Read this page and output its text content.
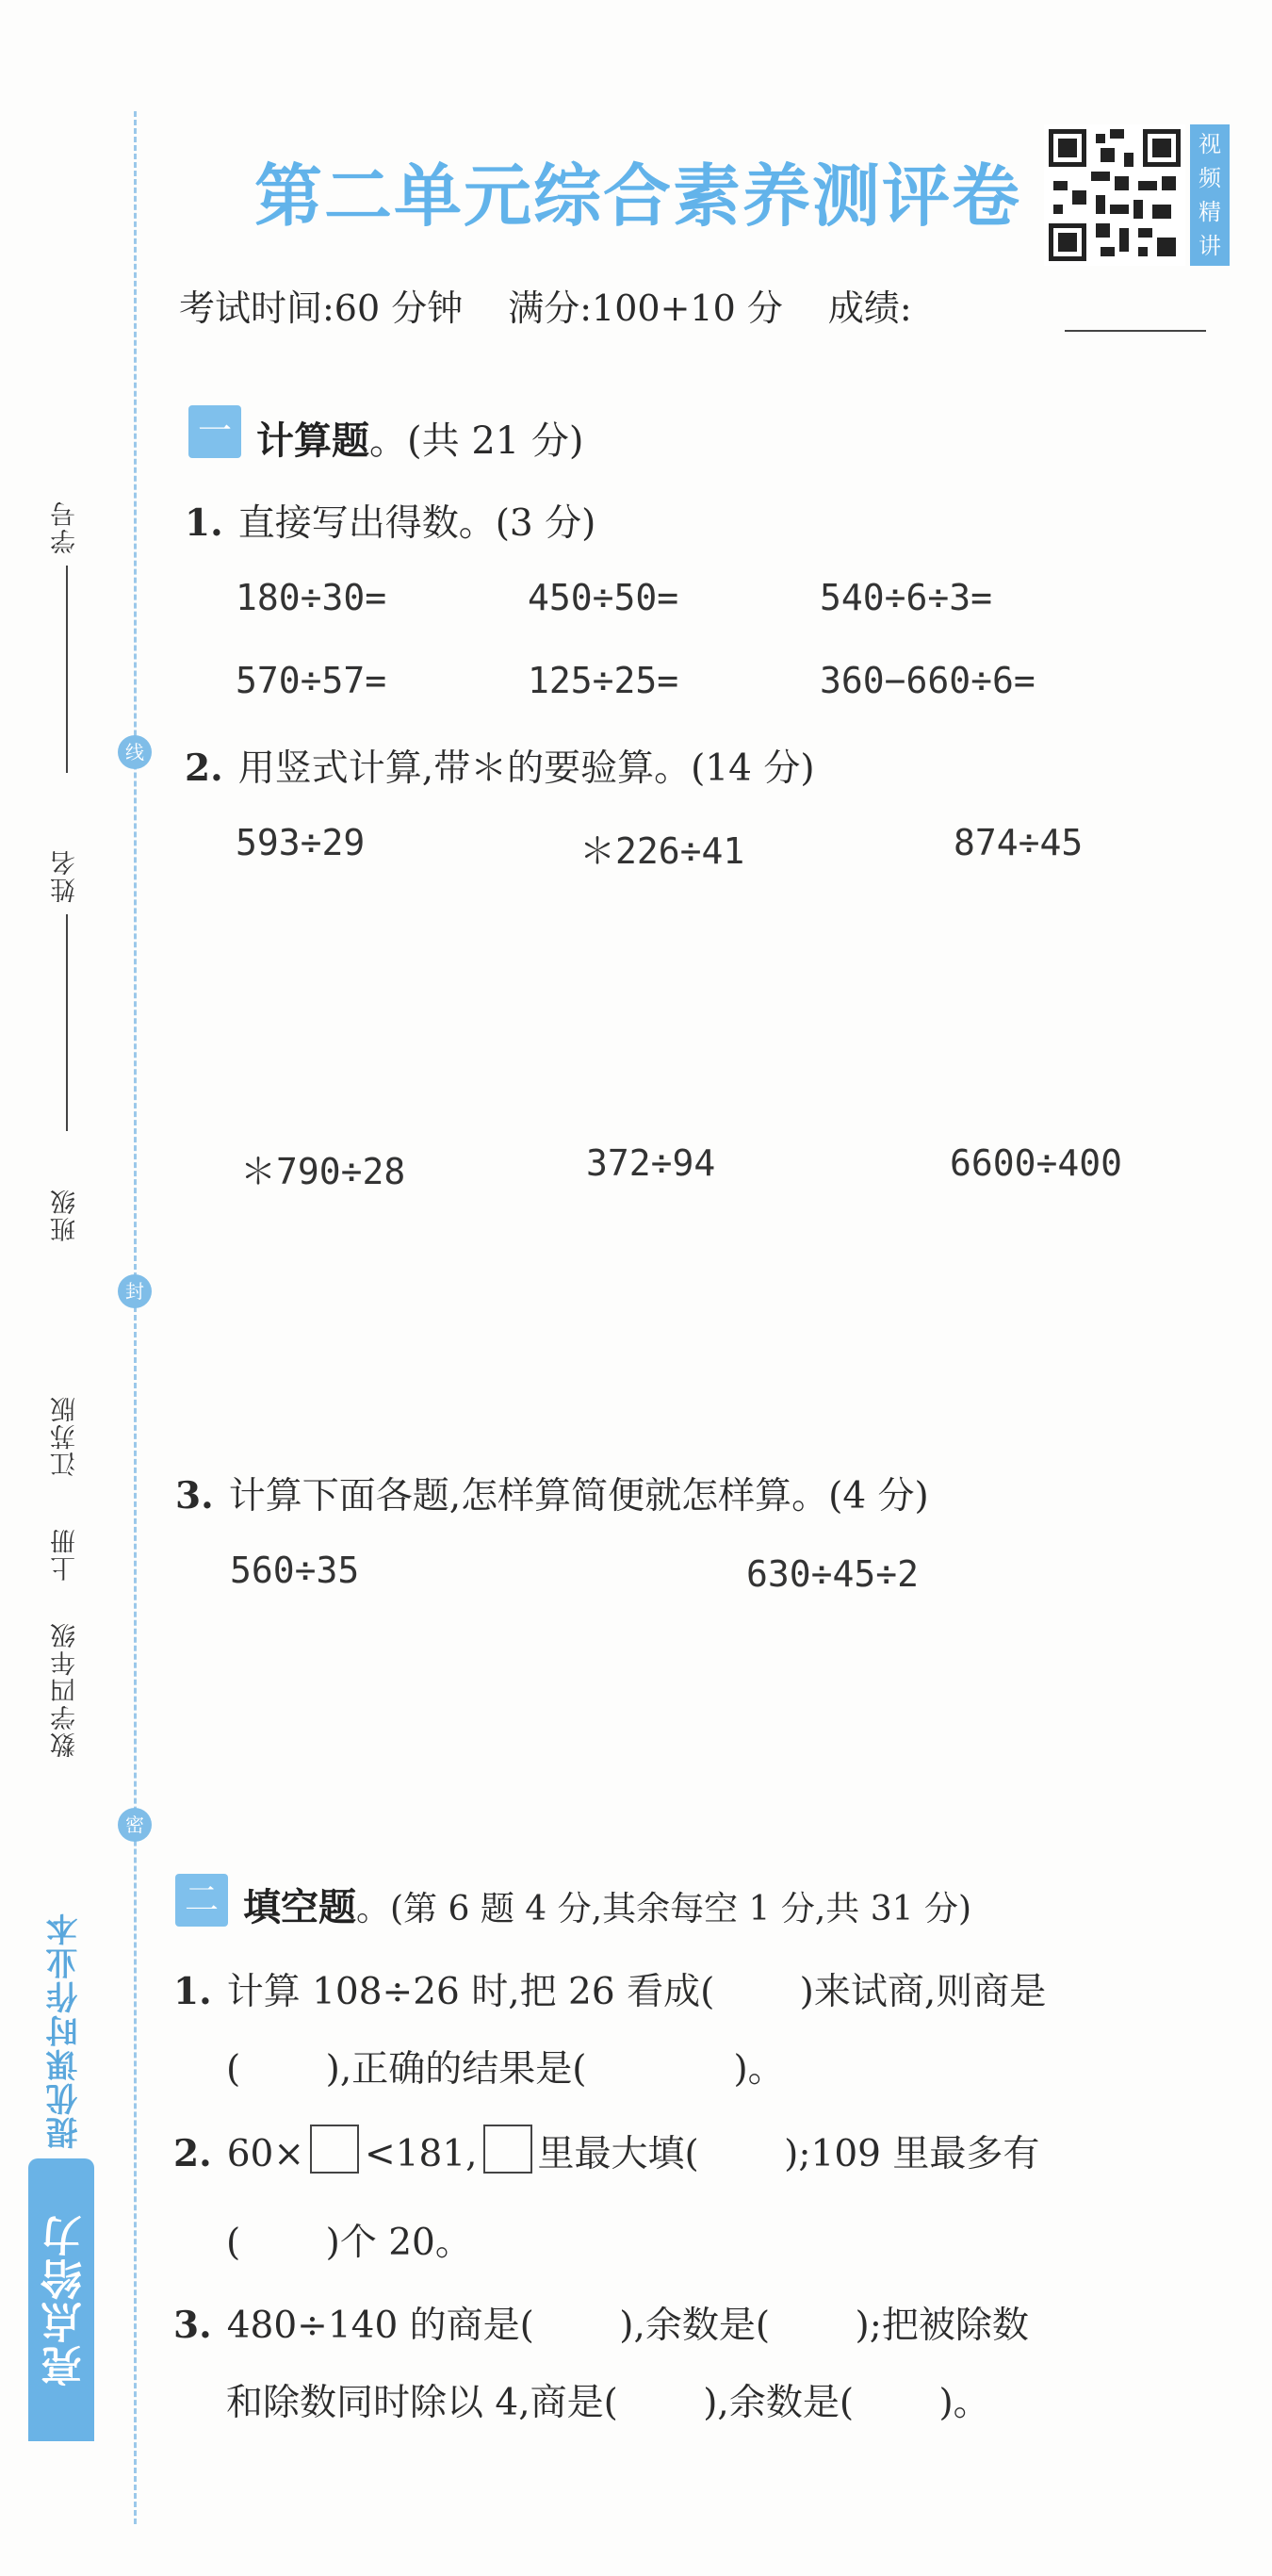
学号
姓名
班级
线
封
密
江苏版
上册
数学四年级
提优课时作业本
亮点给力
第二单元综合素养测评卷
视频精讲
考试时间:60 分钟 满分:100+10 分 成绩:
一 计算题。(共 21 分)
1. 直接写出得数。(3 分)
180÷30=	450÷50=	540÷6÷3=
570÷57=	125÷25=	360−660÷6=
2. 用竖式计算,带＊的要验算。(14 分)
593÷29	＊226÷41	874÷45
＊790÷28	372÷94	6600÷400
3. 计算下面各题,怎样算简便就怎样算。(4 分)
560÷35	630÷45÷2
二 填空题。(第 6 题 4 分,其余每空 1 分,共 31 分)
1. 计算 108÷26 时,把 26 看成(　　 )来试商,则商是
(　　 ),正确的结果是(　　　　)。
2. 60× <181, 里最大填(　　 );109 里最多有
(　　 )个 20。
3. 480÷140 的商是(　　 ),余数是(　　 );把被除数
和除数同时除以 4,商是(　　 ),余数是(　　 )。
